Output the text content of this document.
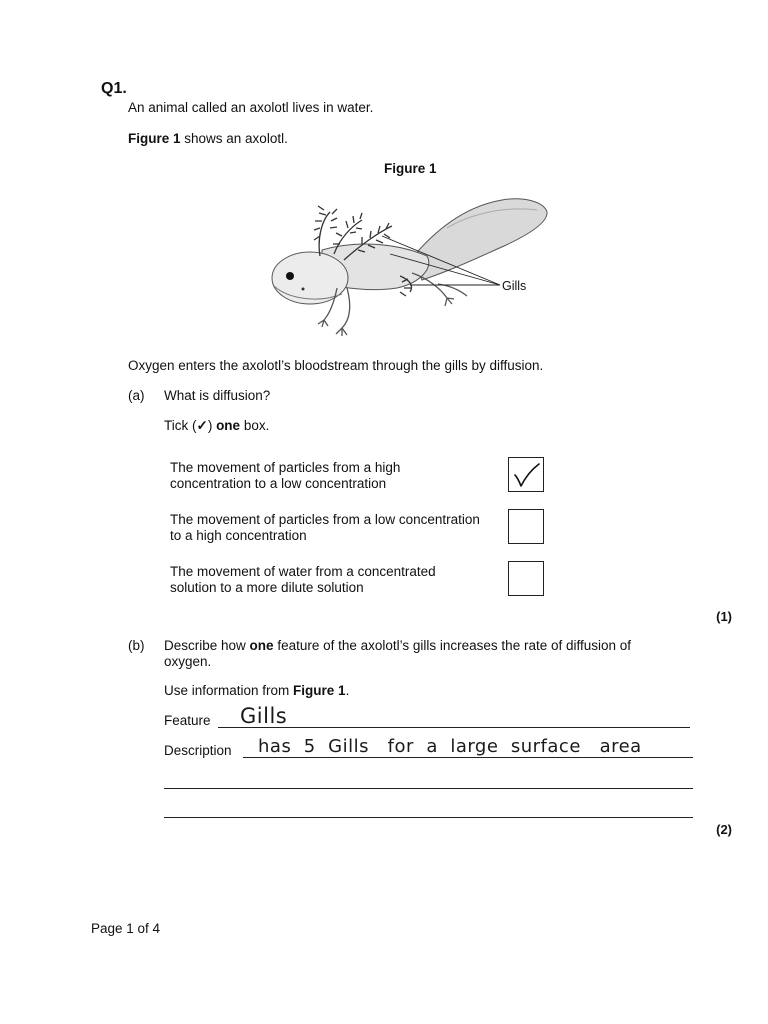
Q1.
An animal called an axolotl lives in water.
Figure 1 shows an axolotl.
Figure 1
Gills
Oxygen enters the axolotl’s bloodstream through the gills by diffusion.
(a) What is diffusion?
Tick (✓) one box.
The movement of particles from a high
concentration to a low concentration
The movement of particles from a low concentration
to a high concentration
The movement of water from a concentrated
solution to a more dilute solution
(1)
(b) Describe how one feature of the axolotl’s gills increases the rate of diffusion of
oxygen.
Use information from Figure 1.
Feature Gills
Description has  5  Gills   for  a  large  surface   area
(2)
Page 1 of 4
